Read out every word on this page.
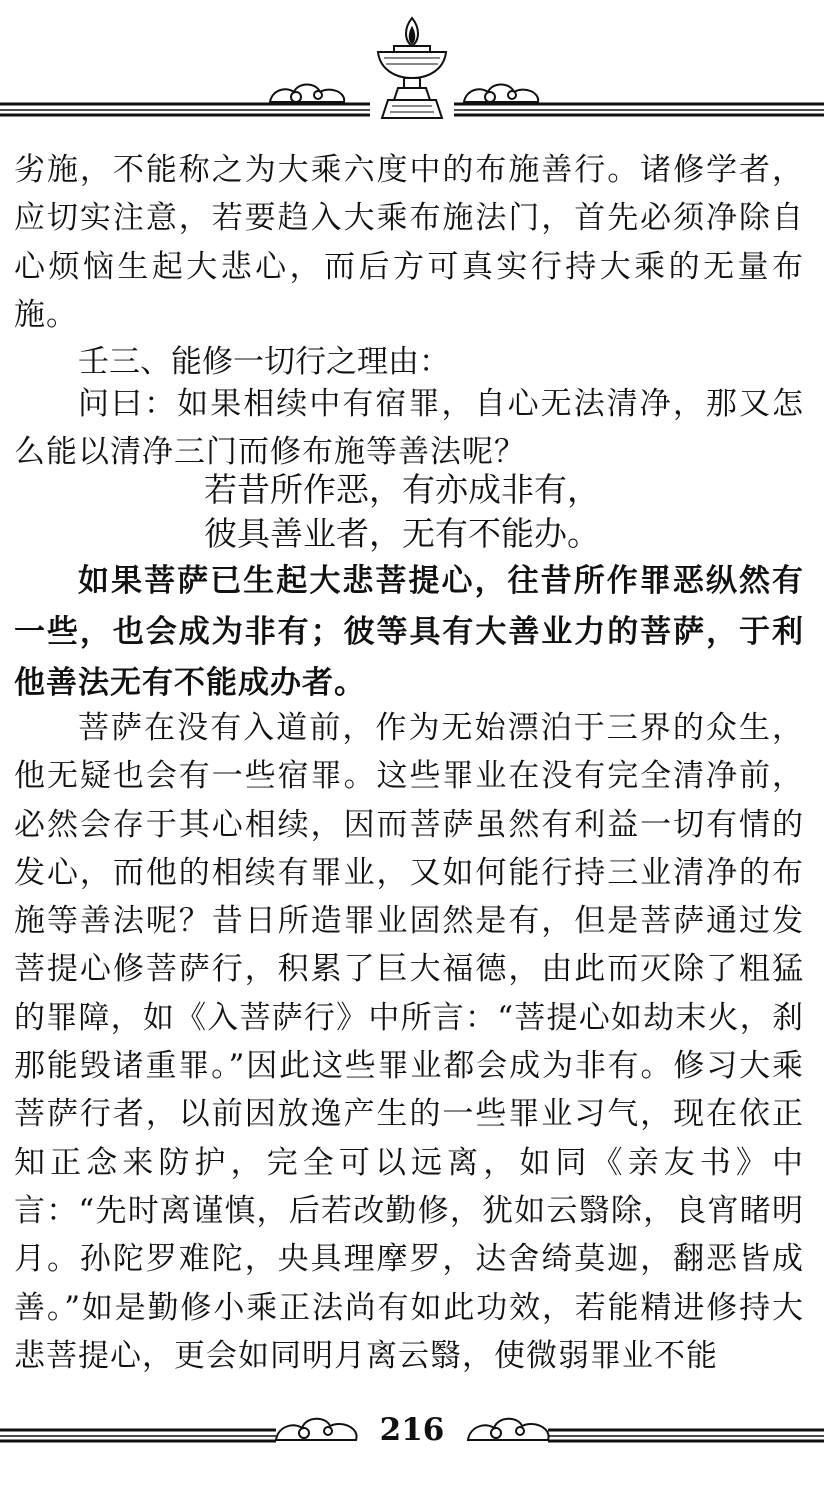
劣施，不能称之为大乘六度中的布施善行。诸修学者，应切实注意，若要趋入大乘布施法门，首先必须净除自心烦恼生起大悲心，而后方可真实行持大乘的无量布施。

壬三、能修一切行之理由：

问曰：如果相续中有宿罪，自心无法清净，那又怎么能以清净三门而修布施等善法呢？

若昔所作恶，有亦成非有，
彼具善业者，无有不能办。

如果菩萨已生起大悲菩提心，往昔所作罪恶纵然有一些，也会成为非有；彼等具有大善业力的菩萨，于利他善法无有不能成办者。

菩萨在没有入道前，作为无始漂泊于三界的众生，他无疑也会有一些宿罪。这些罪业在没有完全清净前，必然会存于其心相续，因而菩萨虽然有利益一切有情的发心，而他的相续有罪业，又如何能行持三业清净的布施等善法呢？昔日所造罪业固然是有，但是菩萨通过发菩提心修菩萨行，积累了巨大福德，由此而灭除了粗猛的罪障，如《入菩萨行》中所言：“菩提心如劫末火，刹那能毁诸重罪。”因此这些罪业都会成为非有。修习大乘菩萨行者，以前因放逸产生的一些罪业习气，现在依正知正念来防护，完全可以远离，如同《亲友书》中言：“先时离谨慎，后若改勤修，犹如云翳除，良宵睹明月。孙陀罗难陀，央具理摩罗，达舍绮莫迦，翻恶皆成善。”如是勤修小乘正法尚有如此功效，若能精进修持大悲菩提心，更会如同明月离云翳，使微弱罪业不能

216
